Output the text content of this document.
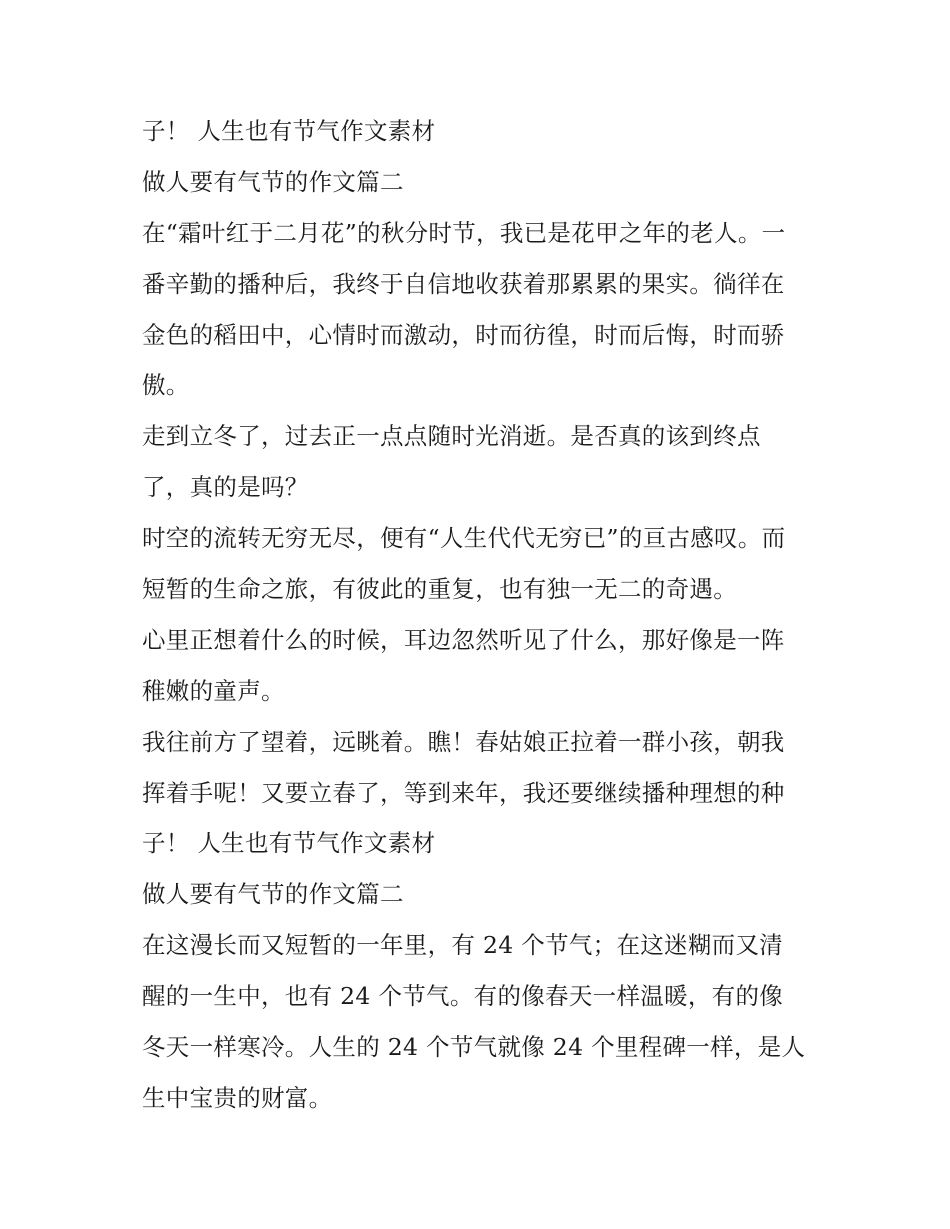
子！ 人生也有节气作文素材
做人要有气节的作文篇二
在“霜叶红于二月花”的秋分时节，我已是花甲之年的老人。一
番辛勤的播种后，我终于自信地收获着那累累的果实。徜徉在
金色的稻田中，心情时而激动，时而彷徨，时而后悔，时而骄
傲。
走到立冬了，过去正一点点随时光消逝。是否真的该到终点
了，真的是吗？
时空的流转无穷无尽，便有“人生代代无穷已”的亘古感叹。而
短暂的生命之旅，有彼此的重复，也有独一无二的奇遇。
心里正想着什么的时候，耳边忽然听见了什么，那好像是一阵
稚嫩的童声。
我往前方了望着，远眺着。瞧！春姑娘正拉着一群小孩，朝我
挥着手呢！又要立春了，等到来年，我还要继续播种理想的种
子！ 人生也有节气作文素材
做人要有气节的作文篇二
在这漫长而又短暂的一年里，有 24 个节气；在这迷糊而又清
醒的一生中，也有 24 个节气。有的像春天一样温暖，有的像
冬天一样寒冷。人生的 24 个节气就像 24 个里程碑一样，是人
生中宝贵的财富。
